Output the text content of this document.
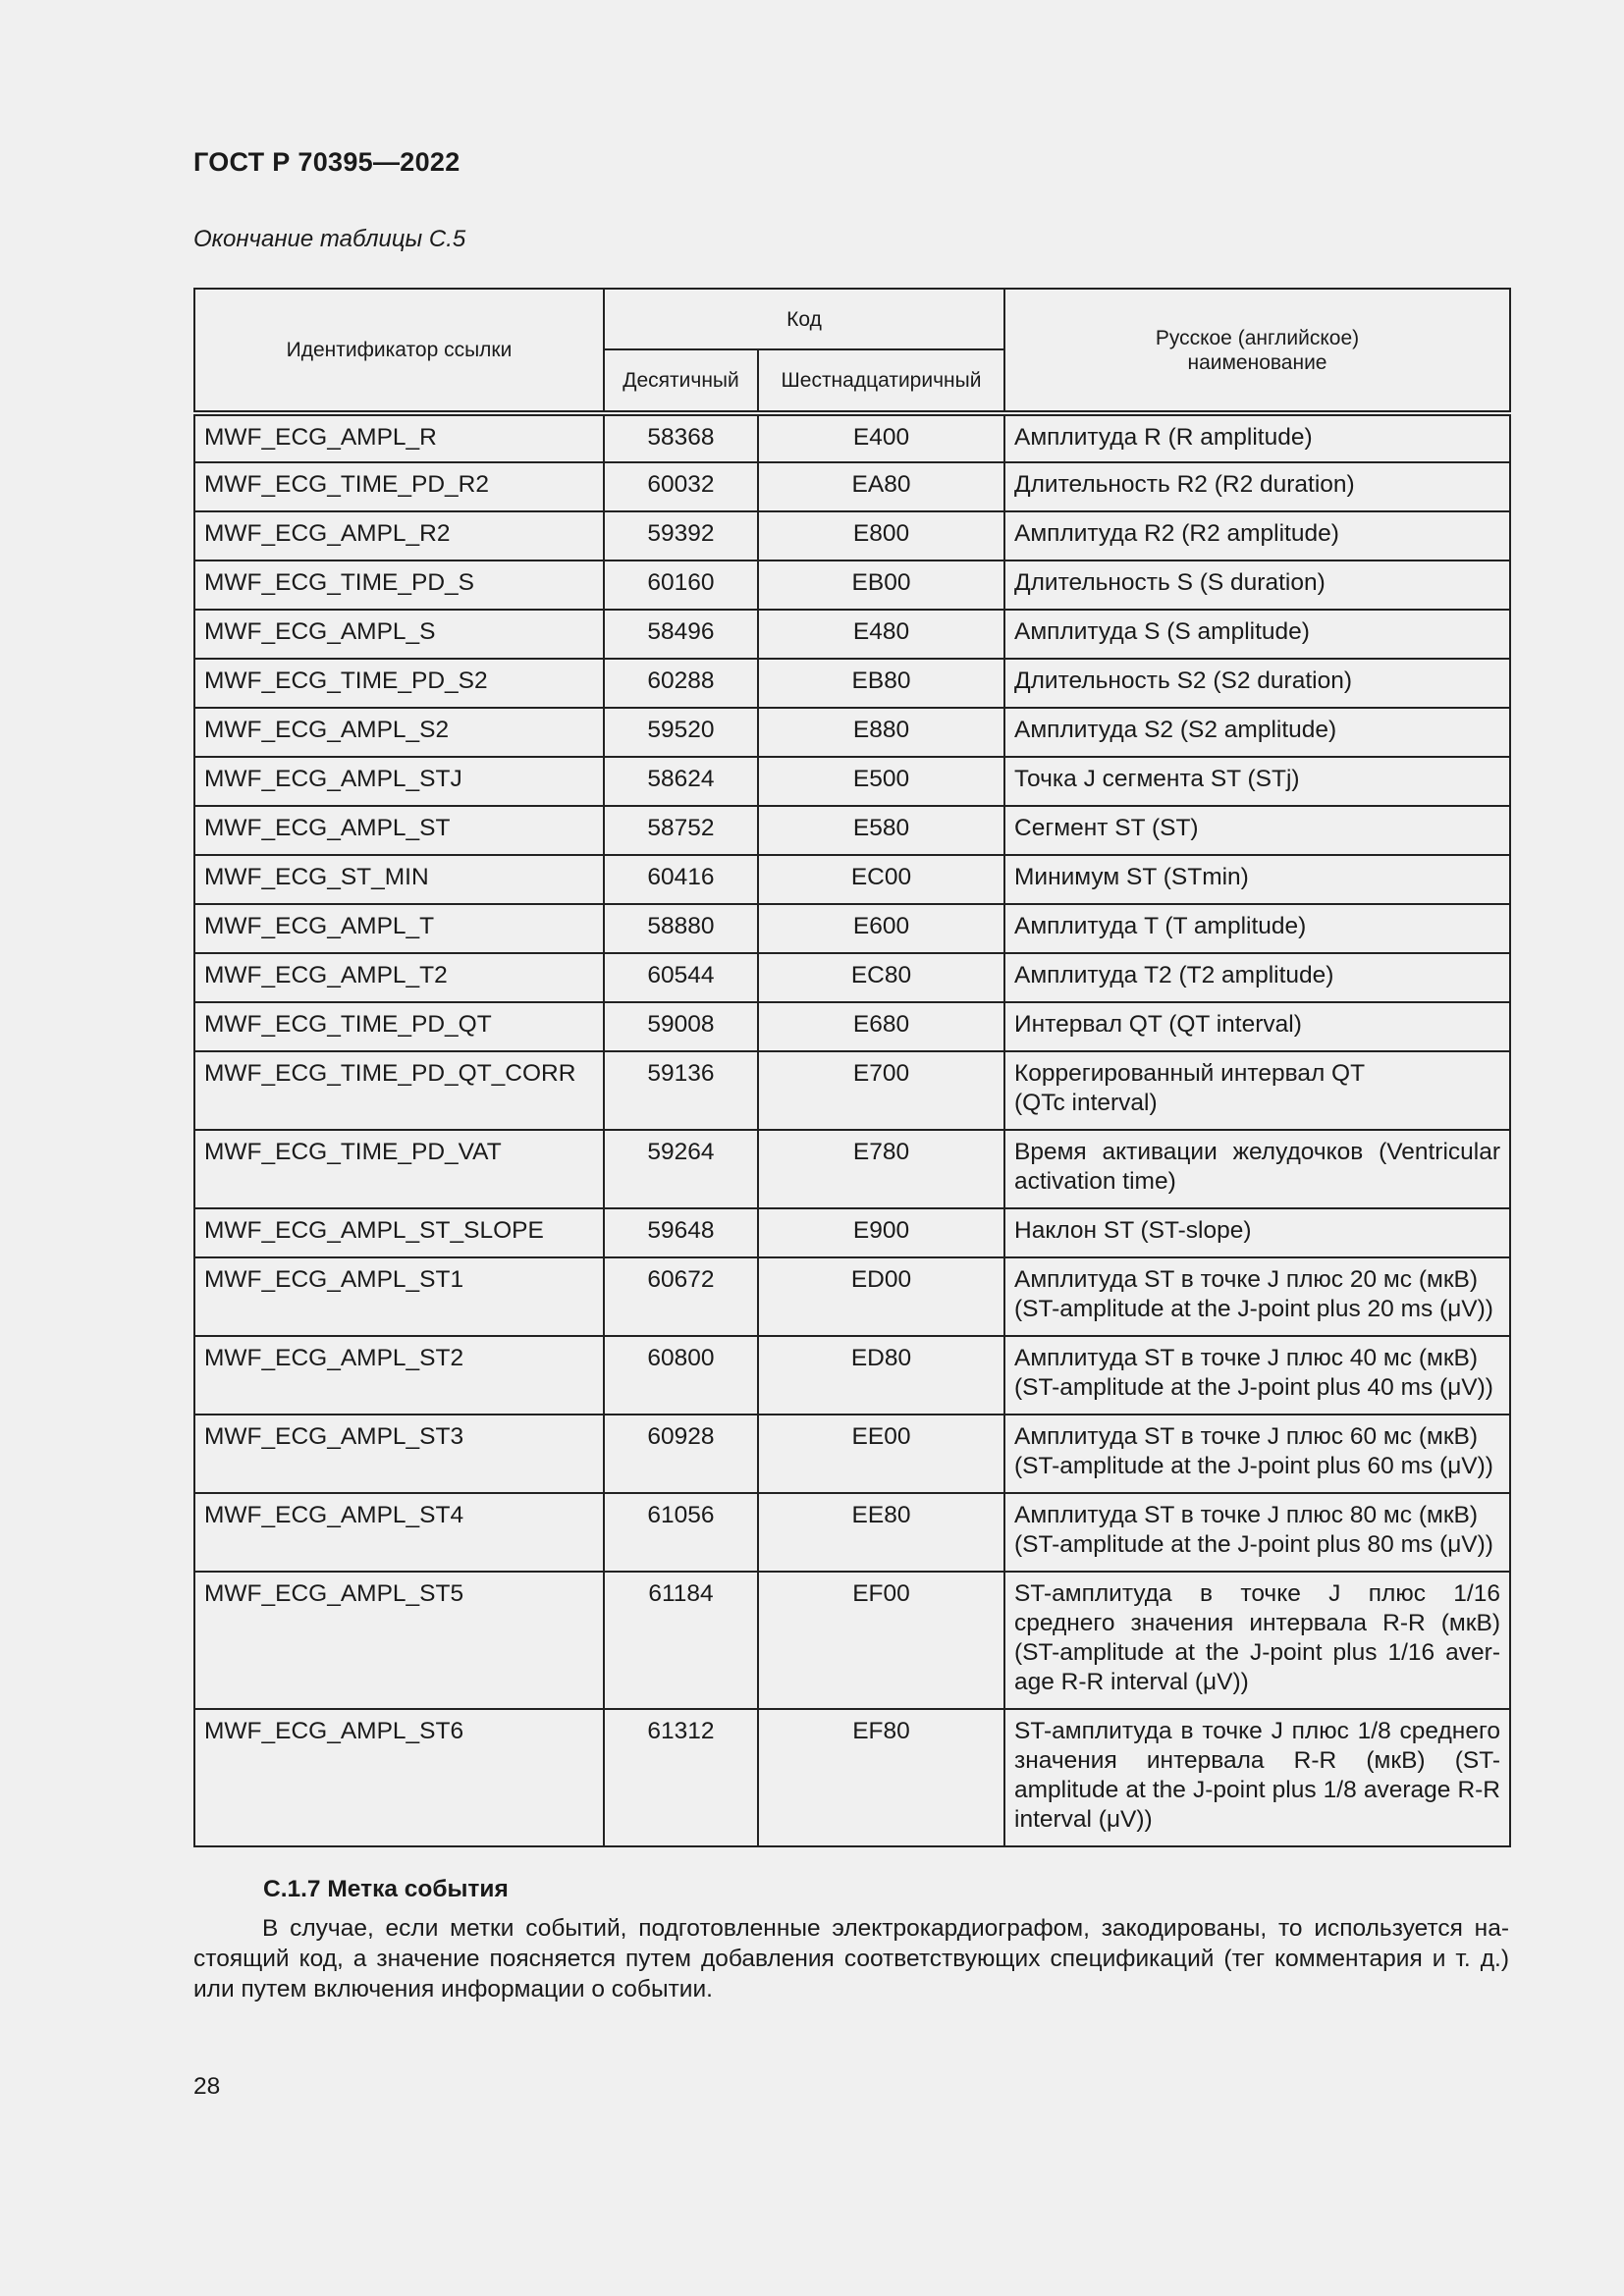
ГОСТ Р 70395—2022
Окончание таблицы С.5
Идентификатор ссылки	Код		Русское (английское) наименование
	Десятичный	Шестнадцатиричный	
MWF_ECG_AMPL_R	58368	E400	Амплитуда R (R amplitude)
MWF_ECG_TIME_PD_R2	60032	EA80	Длительность R2 (R2 duration)
MWF_ECG_AMPL_R2	59392	E800	Амплитуда R2 (R2 amplitude)
MWF_ECG_TIME_PD_S	60160	EB00	Длительность S (S duration)
MWF_ECG_AMPL_S	58496	E480	Амплитуда S (S amplitude)
MWF_ECG_TIME_PD_S2	60288	EB80	Длительность S2 (S2 duration)
MWF_ECG_AMPL_S2	59520	E880	Амплитуда S2 (S2 amplitude)
MWF_ECG_AMPL_STJ	58624	E500	Точка J сегмента ST (STj)
MWF_ECG_AMPL_ST	58752	E580	Сегмент ST (ST)
MWF_ECG_ST_MIN	60416	EC00	Минимум ST (STmin)
MWF_ECG_AMPL_T	58880	E600	Амплитуда T (T amplitude)
MWF_ECG_AMPL_T2	60544	EC80	Амплитуда T2 (T2 amplitude)
MWF_ECG_TIME_PD_QT	59008	E680	Интервал QT (QT interval)
MWF_ECG_TIME_PD_QT_CORR	59136	E700	Коррегированный интервал QT
(QTc interval)

MWF_ECG_TIME_PD_VAT	59264	E780	Время активации желудочков (Ventricular activation time)
MWF_ECG_AMPL_ST_SLOPE	59648	E900	Наклон ST (ST-slope)
MWF_ECG_AMPL_ST1	60672	ED00	Амплитуда ST в точке J плюс 20 мс (мкВ)
(ST-amplitude at the J-point plus 20 ms (μV))

MWF_ECG_AMPL_ST2	60800	ED80	Амплитуда ST в точке J плюс 40 мс (мкВ)
(ST-amplitude at the J-point plus 40 ms (μV))

MWF_ECG_AMPL_ST3	60928	EE00	Амплитуда ST в точке J плюс 60 мс (мкВ)
(ST-amplitude at the J-point plus 60 ms (μV))

MWF_ECG_AMPL_ST4	61056	EE80	Амплитуда ST в точке J плюс 80 мс (мкВ)
(ST-amplitude at the J-point plus 80 ms (μV))

MWF_ECG_AMPL_ST5	61184	EF00	ST-амплитуда в точке J плюс 1/16 среднего значения интервала R-R (мкВ) (ST-amplitude at the J-point plus 1/16 aver-age R-R interval (μV))
MWF_ECG_AMPL_ST6	61312	EF80	ST-амплитуда в точке J плюс 1/8 среднего значения интервала R-R (мкВ) (ST-amplitude at the J-point plus 1/8 average R-R interval (μV))
С.1.7 Метка события
В случае, если метки событий, подготовленные электрокардиографом, закодированы, то используется на-стоящий код, а значение поясняется путем добавления соответствующих спецификаций (тег комментария и т. д.) или путем включения информации о событии.
28
